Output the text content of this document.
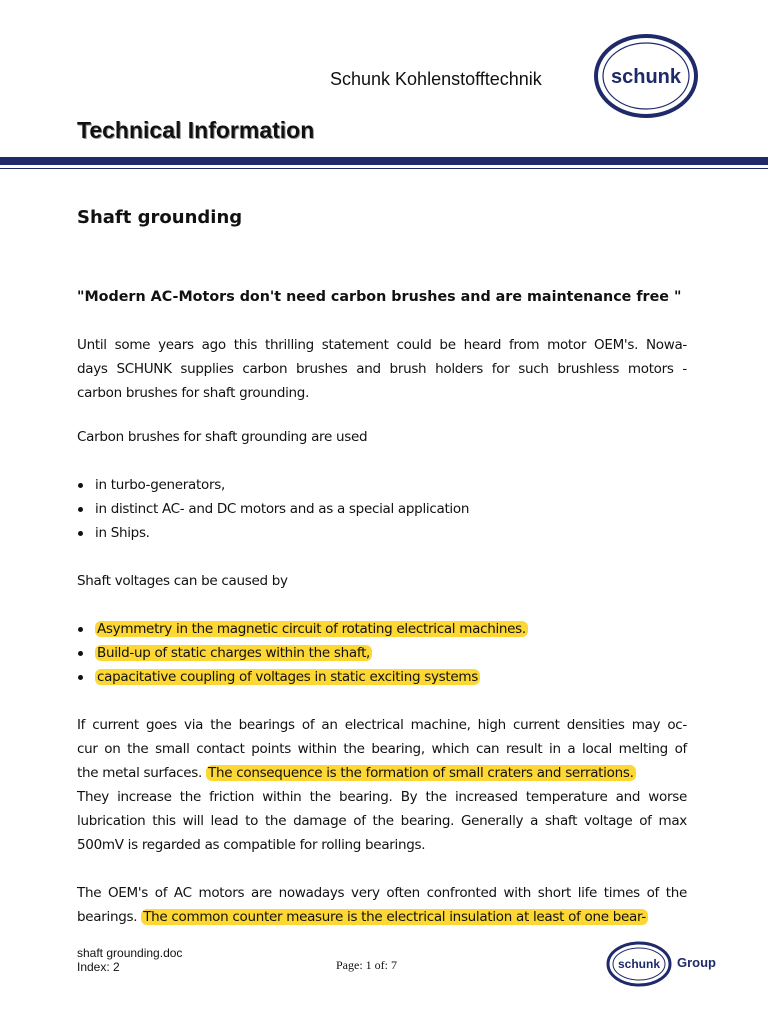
Schunk Kohlenstofftechnik	schunk
Technical Information
Shaft grounding

"Modern AC-Motors don't need carbon brushes and are maintenance free "

Until some years ago this thrilling statement could be heard from motor OEM's. Nowa-

days SCHUNK supplies carbon brushes and brush holders for such brushless motors -

carbon brushes for shaft grounding.

Carbon brushes for shaft grounding are used

in turbo-generators,
in distinct AC- and DC motors and as a special application
in Ships.

Shaft voltages can be caused by

Asymmetry in the magnetic circuit of rotating electrical machines.
Build-up of static charges within the shaft,
capacitative coupling of voltages in static exciting systems

If current goes via the bearings of an electrical machine, high current densities may oc-

cur on the small contact points within the bearing, which can result in a local melting of

the metal surfaces. The consequence is the formation of small craters and serrations.

They increase the friction within the bearing. By the increased temperature and worse

lubrication this will lead to the damage of the bearing. Generally a shaft voltage of max

500mV is regarded as compatible for rolling bearings.

The OEM's of AC motors are nowadays very often confronted with short life times of the

bearings. The common counter measure is the electrical insulation at least of one bear-

shaft grounding.doc
Index: 2	Page: 1 of: 7	schunk Group
